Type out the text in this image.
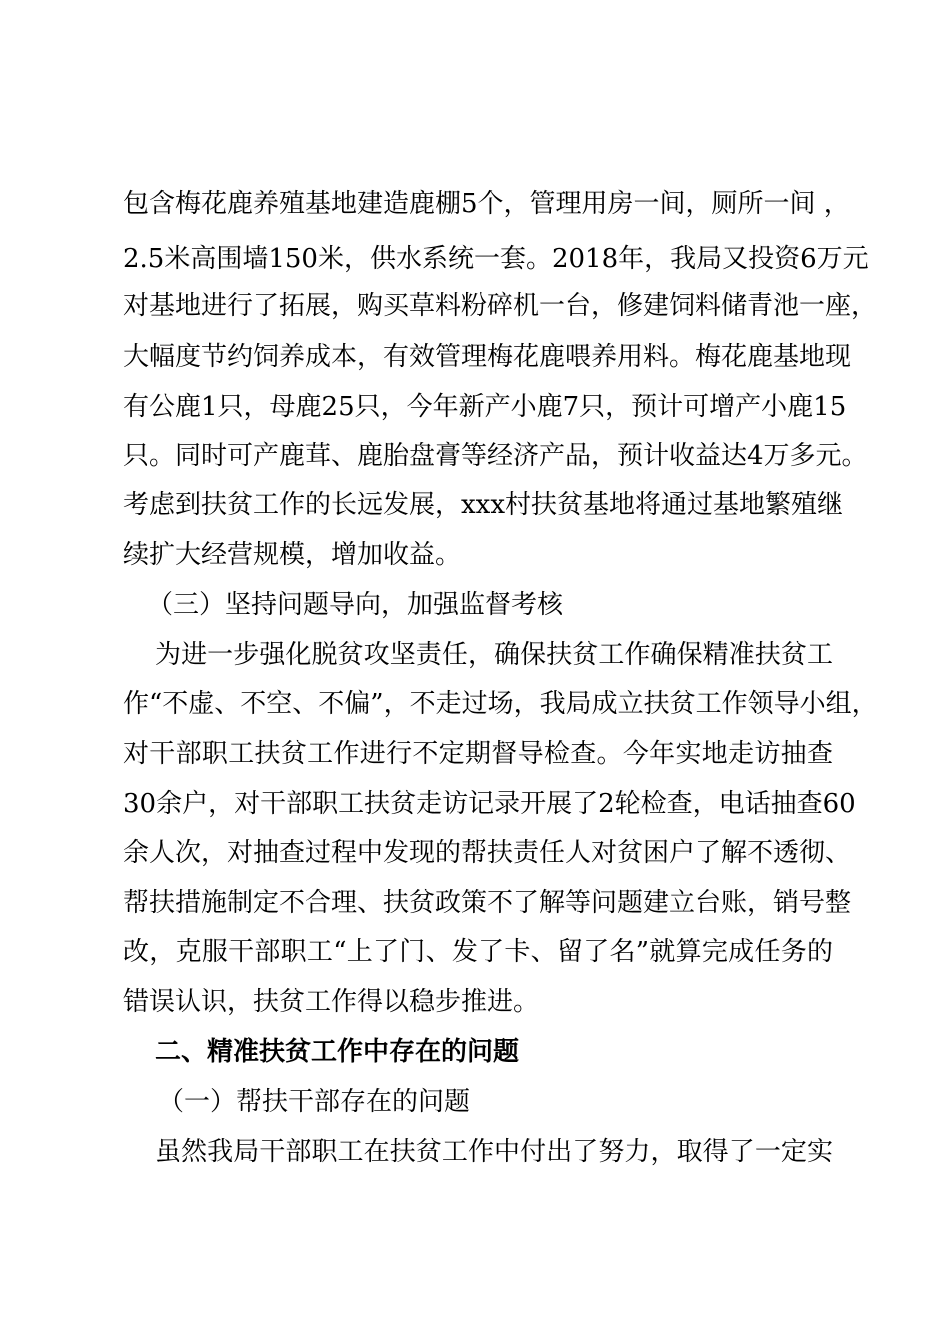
包含梅花鹿养殖基地建造鹿棚5个，管理用房一间，厕所一间 ，
2.5米高围墙150米，供水系统一套。2018年，我局又投资6万元
对基地进行了拓展，购买草料粉碎机一台，修建饲料储青池一座，
大幅度节约饲养成本，有效管理梅花鹿喂养用料。梅花鹿基地现
有公鹿1只，母鹿25只，今年新产小鹿7只，预计可增产小鹿15
只。同时可产鹿茸、鹿胎盘膏等经济产品，预计收益达4万多元。
考虑到扶贫工作的长远发展，xxx村扶贫基地将通过基地繁殖继
续扩大经营规模，增加收益。
（三）坚持问题导向，加强监督考核
为进一步强化脱贫攻坚责任，确保扶贫工作确保精准扶贫工
作“不虚、不空、不偏”，不走过场，我局成立扶贫工作领导小组，
对干部职工扶贫工作进行不定期督导检查。今年实地走访抽查
30余户，对干部职工扶贫走访记录开展了2轮检查，电话抽查60
余人次，对抽查过程中发现的帮扶责任人对贫困户了解不透彻、
帮扶措施制定不合理、扶贫政策不了解等问题建立台账，销号整
改，克服干部职工“上了门、发了卡、留了名”就算完成任务的
错误认识，扶贫工作得以稳步推进。
二、精准扶贫工作中存在的问题
（一）帮扶干部存在的问题
虽然我局干部职工在扶贫工作中付出了努力，取得了一定实
